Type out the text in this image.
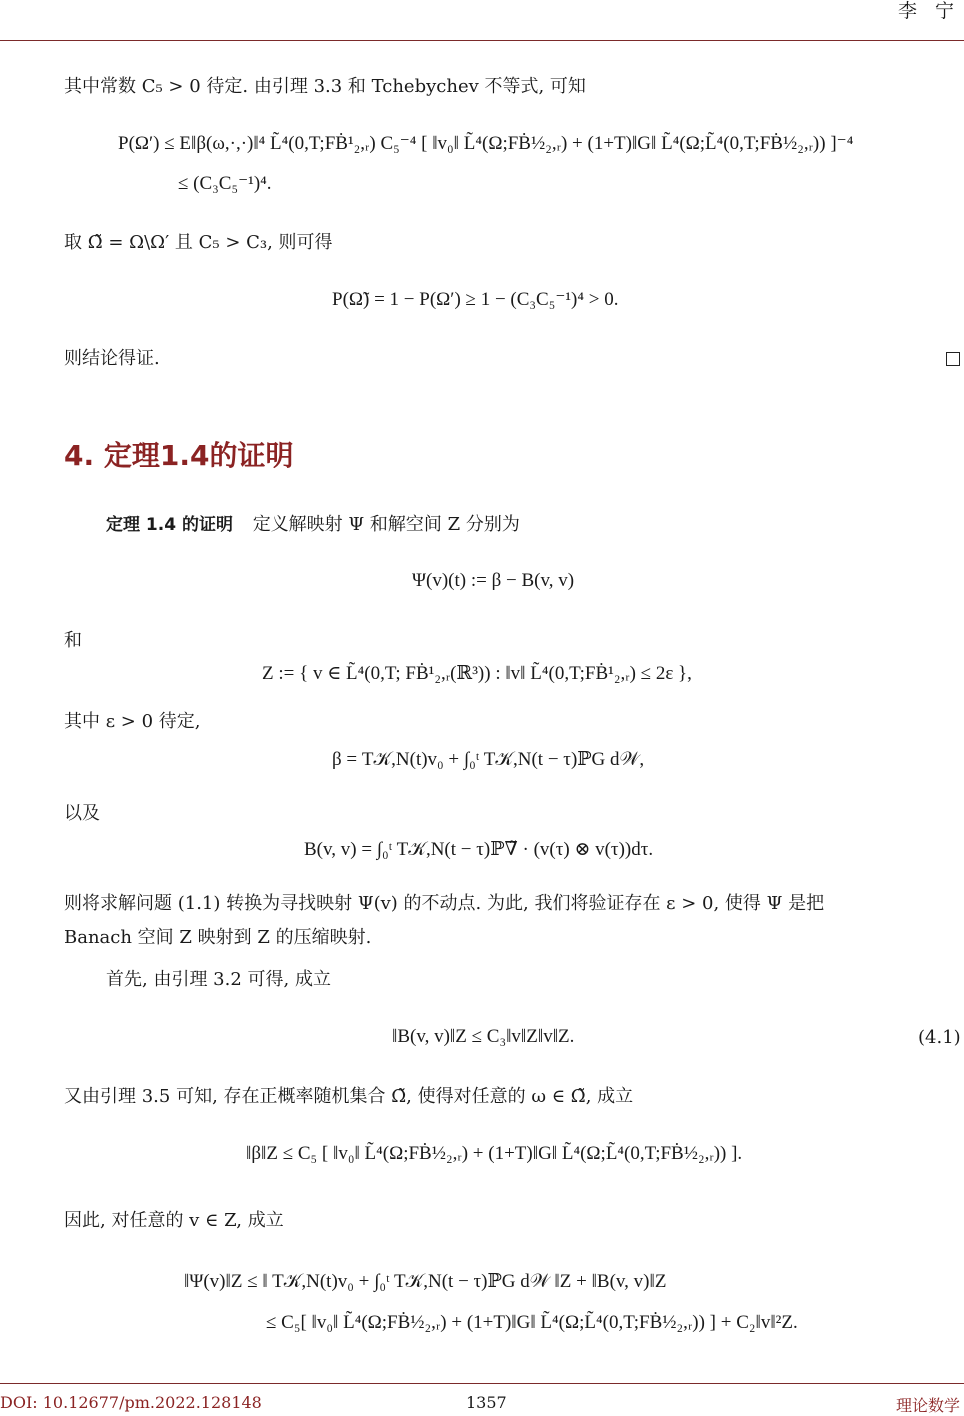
李 宁
其中常数 C₅ > 0 待定. 由引理 3.3 和 Tchebychev 不等式, 可知
P(Ω′) ≤ E‖β(ω,·,·)‖⁴ L̃⁴(0,T;FḂ¹₂,ᵣ) C₅⁻⁴ [ ‖v₀‖ L̃⁴(Ω;FḂ½₂,ᵣ) + (1+T)‖G‖ L̃⁴(Ω;L̃⁴(0,T;FḂ½₂,ᵣ)) ]⁻⁴
≤ (C₃C₅⁻¹)⁴.
取 Ω̃ = Ω\Ω′ 且 C₅ > C₃, 则可得
P(Ω̃) = 1 − P(Ω′) ≥ 1 − (C₃C₅⁻¹)⁴ > 0.
则结论得证.
4. 定理1.4的证明
定理 1.4 的证明 定义解映射 Ψ 和解空间 Z 分别为
Ψ(v)(t) := β − B(v, v)
和
Z := { v ∈ L̃⁴(0,T; FḂ¹₂,ᵣ(ℝ³)) : ‖v‖ L̃⁴(0,T;FḂ¹₂,ᵣ) ≤ 2ε },
其中 ε > 0 待定,
β = T𝒦,N(t)v₀ + ∫₀ᵗ T𝒦,N(t − τ)ℙG d𝒲,
以及
B(v, v) = ∫₀ᵗ T𝒦,N(t − τ)ℙ∇̃ · (v(τ) ⊗ v(τ))dτ.
则将求解问题 (1.1) 转换为寻找映射 Ψ(v) 的不动点. 为此, 我们将验证存在 ε > 0, 使得 Ψ 是把
Banach 空间 Z 映射到 Z 的压缩映射.
首先, 由引理 3.2 可得, 成立
‖B(v, v)‖Z ≤ C₃‖v‖Z‖v‖Z.	(4.1)
又由引理 3.5 可知, 存在正概率随机集合 Ω̃, 使得对任意的 ω ∈ Ω̃, 成立
‖β‖Z ≤ C₅ [ ‖v₀‖ L̃⁴(Ω;FḂ½₂,ᵣ) + (1+T)‖G‖ L̃⁴(Ω;L̃⁴(0,T;FḂ½₂,ᵣ)) ].
因此, 对任意的 v ∈ Z, 成立
‖Ψ(v)‖Z ≤ ‖ T𝒦,N(t)v₀ + ∫₀ᵗ T𝒦,N(t − τ)ℙG d𝒲 ‖Z + ‖B(v, v)‖Z
≤ C₅[ ‖v₀‖ L̃⁴(Ω;FḂ½₂,ᵣ) + (1+T)‖G‖ L̃⁴(Ω;L̃⁴(0,T;FḂ½₂,ᵣ)) ] + C₂‖v‖²Z.
DOI: 10.12677/pm.2022.128148	1357	理论数学
